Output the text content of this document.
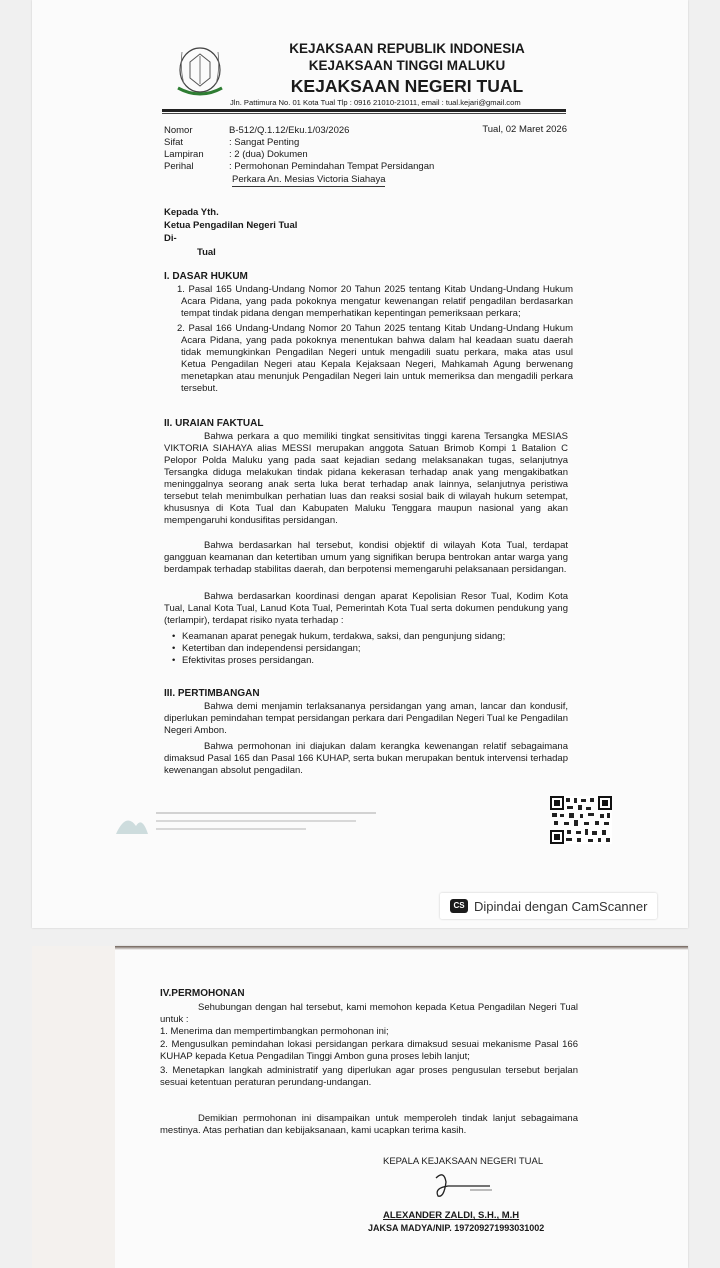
KEJAKSAAN REPUBLIK INDONESIA
KEJAKSAAN TINGGI MALUKU
KEJAKSAAN NEGERI TUAL
Jln. Pattimura No. 01 Kota Tual Tlp : 0916 21010-21011, email : tual.kejari@gmail.com
Nomor	B-512/Q.1.12/Eku.1/03/2026	Tual, 02 Maret 2026
Sifat	: Sangat Penting
Lampiran	: 2 (dua) Dokumen
Perihal	: Permohonan Pemindahan Tempat Persidangan
Perkara An. Mesias Victoria Siahaya
Kepada Yth.
Ketua Pengadilan Negeri Tual
Di-
Tual
I. DASAR HUKUM
1. Pasal 165 Undang-Undang Nomor 20 Tahun 2025 tentang Kitab Undang-Undang Hukum Acara Pidana, yang pada pokoknya mengatur kewenangan relatif pengadilan berdasarkan tempat tindak pidana dengan memperhatikan kepentingan pemeriksaan perkara;
2. Pasal 166 Undang-Undang Nomor 20 Tahun 2025 tentang Kitab Undang-Undang Hukum Acara Pidana, yang pada pokoknya menentukan bahwa dalam hal keadaan suatu daerah tidak memungkinkan Pengadilan Negeri untuk mengadili suatu perkara, maka atas usul Ketua Pengadilan Negeri atau Kepala Kejaksaan Negeri, Mahkamah Agung berwenang menetapkan atau menunjuk Pengadilan Negeri lain untuk memeriksa dan mengadili perkara tersebut.
II. URAIAN FAKTUAL
Bahwa perkara a quo memiliki tingkat sensitivitas tinggi karena Tersangka MESIAS VIKTORIA SIAHAYA alias MESSI merupakan anggota Satuan Brimob Kompi 1 Batalion C Pelopor Polda Maluku yang pada saat kejadian sedang melaksanakan tugas, selanjutnya Tersangka diduga melakukan tindak pidana kekerasan terhadap anak yang mengakibatkan meninggalnya seorang anak serta luka berat terhadap anak lainnya, selanjutnya peristiwa tersebut telah menimbulkan perhatian luas dan reaksi sosial baik di wilayah hukum setempat, khususnya di Kota Tual dan Kabupaten Maluku Tenggara maupun nasional yang akan mempengaruhi kondusifitas persidangan.
Bahwa berdasarkan hal tersebut, kondisi objektif di wilayah Kota Tual, terdapat gangguan keamanan dan ketertiban umum yang signifikan berupa bentrokan antar warga yang berdampak terhadap stabilitas daerah, dan berpotensi memengaruhi pelaksanaan persidangan.
Bahwa berdasarkan koordinasi dengan aparat Kepolisian Resor Tual, Kodim Kota Tual, Lanal Kota Tual, Lanud Kota Tual, Pemerintah Kota Tual serta dokumen pendukung yang (terlampir), terdapat risiko nyata terhadap :
• Keamanan aparat penegak hukum, terdakwa, saksi, dan pengunjung sidang;
• Ketertiban dan independensi persidangan;
• Efektivitas proses persidangan.
III. PERTIMBANGAN
Bahwa demi menjamin terlaksananya persidangan yang aman, lancar dan kondusif, diperlukan pemindahan tempat persidangan perkara dari Pengadilan Negeri Tual ke Pengadilan Negeri Ambon.
Bahwa permohonan ini diajukan dalam kerangka kewenangan relatif sebagaimana dimaksud Pasal 165 dan Pasal 166 KUHAP, serta bukan merupakan bentuk intervensi terhadap kewenangan absolut pengadilan.
CS Dipindai dengan CamScanner
IV.PERMOHONAN
Sehubungan dengan hal tersebut, kami memohon kepada Ketua Pengadilan Negeri Tual untuk :
1. Menerima dan mempertimbangkan permohonan ini;
2. Mengusulkan pemindahan lokasi persidangan perkara dimaksud sesuai mekanisme Pasal 166 KUHAP kepada Ketua Pengadilan Tinggi Ambon guna proses lebih lanjut;
3. Menetapkan langkah administratif yang diperlukan agar proses pengusulan tersebut berjalan sesuai ketentuan peraturan perundang-undangan.
Demikian permohonan ini disampaikan untuk memperoleh tindak lanjut sebagaimana mestinya. Atas perhatian dan kebijaksanaan, kami ucapkan terima kasih.
KEPALA KEJAKSAAN NEGERI TUAL
ALEXANDER ZALDI, S.H., M.H
JAKSA MADYA/NIP. 197209271993031002
